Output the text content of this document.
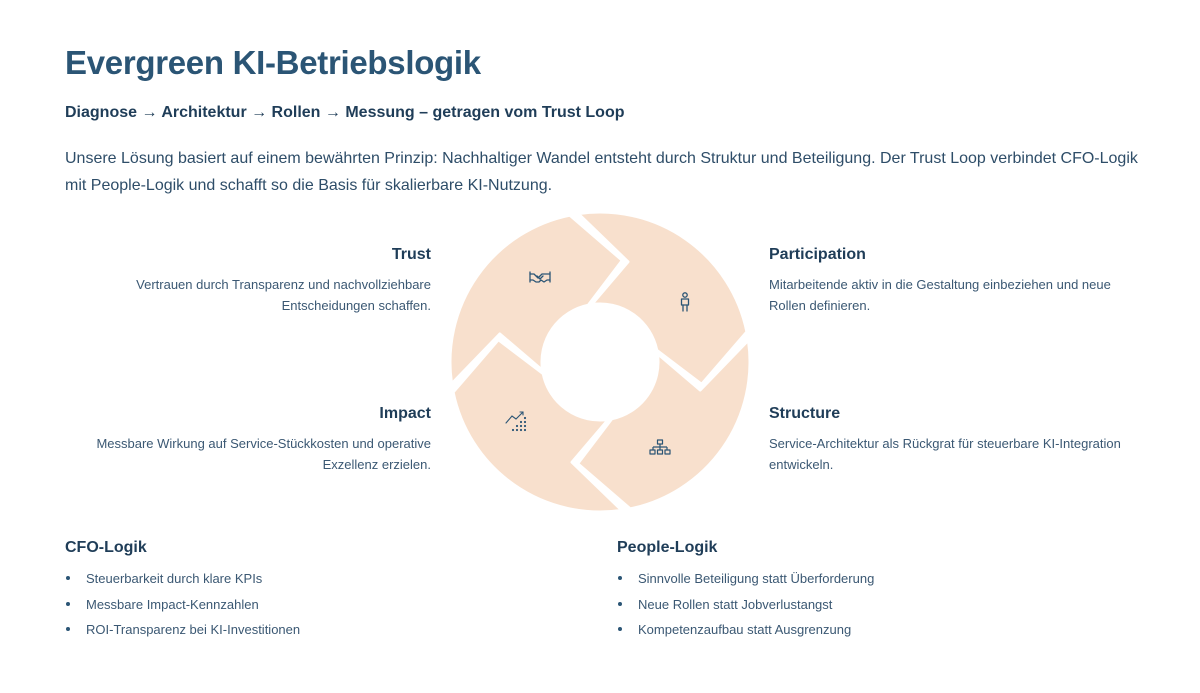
Evergreen KI-Betriebslogik
Diagnose → Architektur → Rollen → Messung – getragen vom Trust Loop

Unsere Lösung basiert auf einem bewährten Prinzip: Nachhaltiger Wandel entsteht durch Struktur und Beteiligung. Der Trust Loop verbindet CFO-Logik mit People-Logik und schafft so die Basis für skalierbare KI-Nutzung.

Trust

Vertrauen durch Transparenz und nachvollziehbare Entscheidungen schaffen.

Participation

Mitarbeitende aktiv in die Gestaltung einbeziehen und neue Rollen definieren.

Impact

Messbare Wirkung auf Service-Stückkosten und operative Exzellenz erzielen.

Structure

Service-Architektur als Rückgrat für steuerbare KI-Integration entwickeln.

CFO-Logik
Steuerbarkeit durch klare KPIs
Messbare Impact-Kennzahlen
ROI-Transparenz bei KI-Investitionen
People-Logik
Sinnvolle Beteiligung statt Überforderung
Neue Rollen statt Jobverlustangst
Kompetenzaufbau statt Ausgrenzung
